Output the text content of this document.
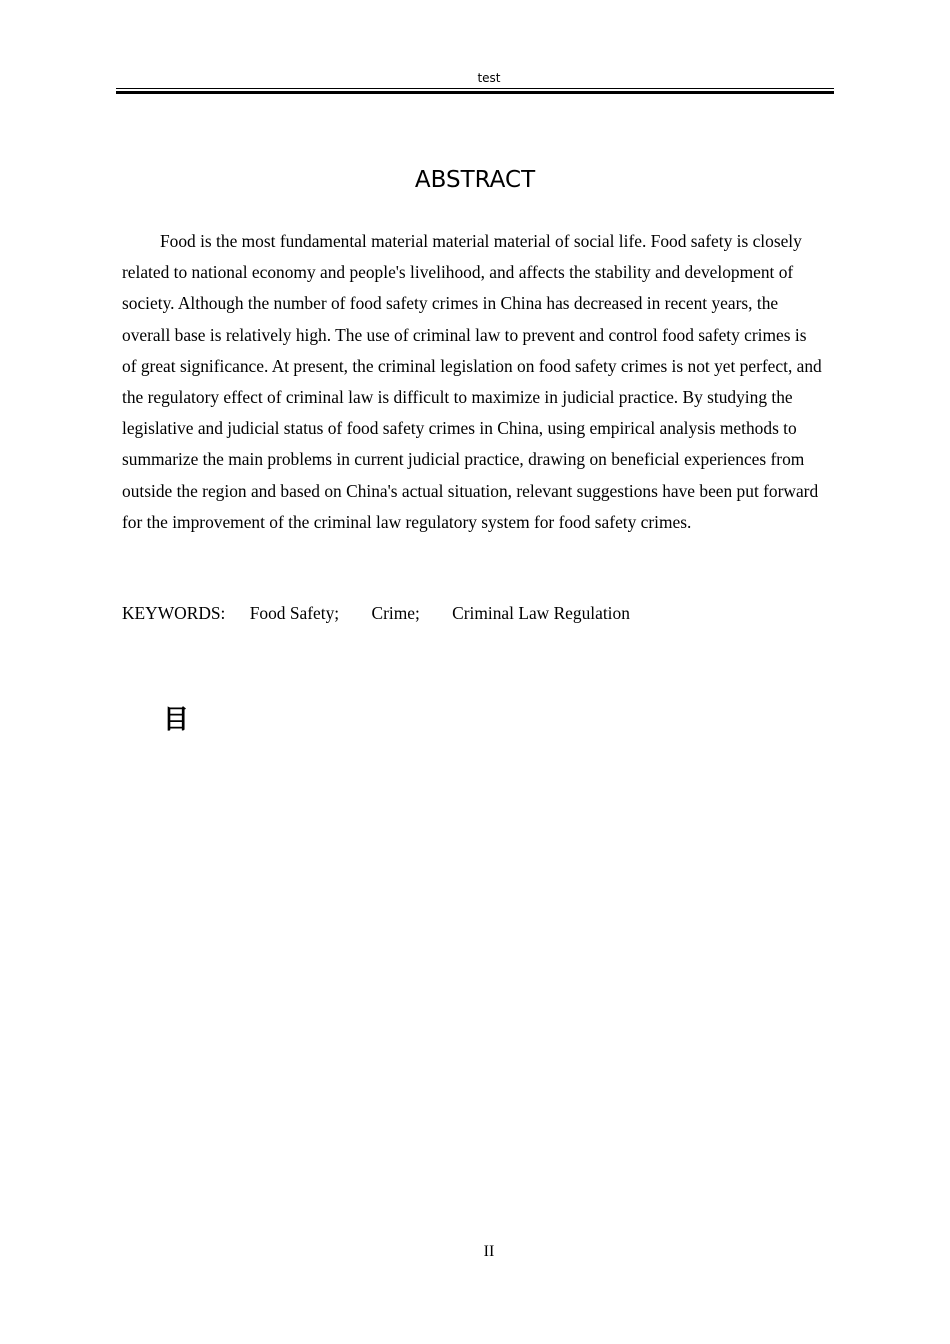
test
ABSTRACT

Food is the most fundamental material material material of social life. Food safety is closely related to national economy and people's livelihood, and affects the stability and development of society. Although the number of food safety crimes in China has decreased in recent years, the overall base is relatively high. The use of criminal law to prevent and control food safety crimes is of great significance. At present, the criminal legislation on food safety crimes is not yet perfect, and the regulatory effect of criminal law is difficult to maximize in judicial practice. By studying the legislative and judicial status of food safety crimes in China, using empirical analysis methods to summarize the main problems in current judicial practice, drawing on beneficial experiences from outside the region and based on China's actual situation, relevant suggestions have been put forward for the improvement of the criminal law regulatory system for food safety crimes.

KEYWORDS: Food Safety; Crime; Criminal Law Regulation
目
II
